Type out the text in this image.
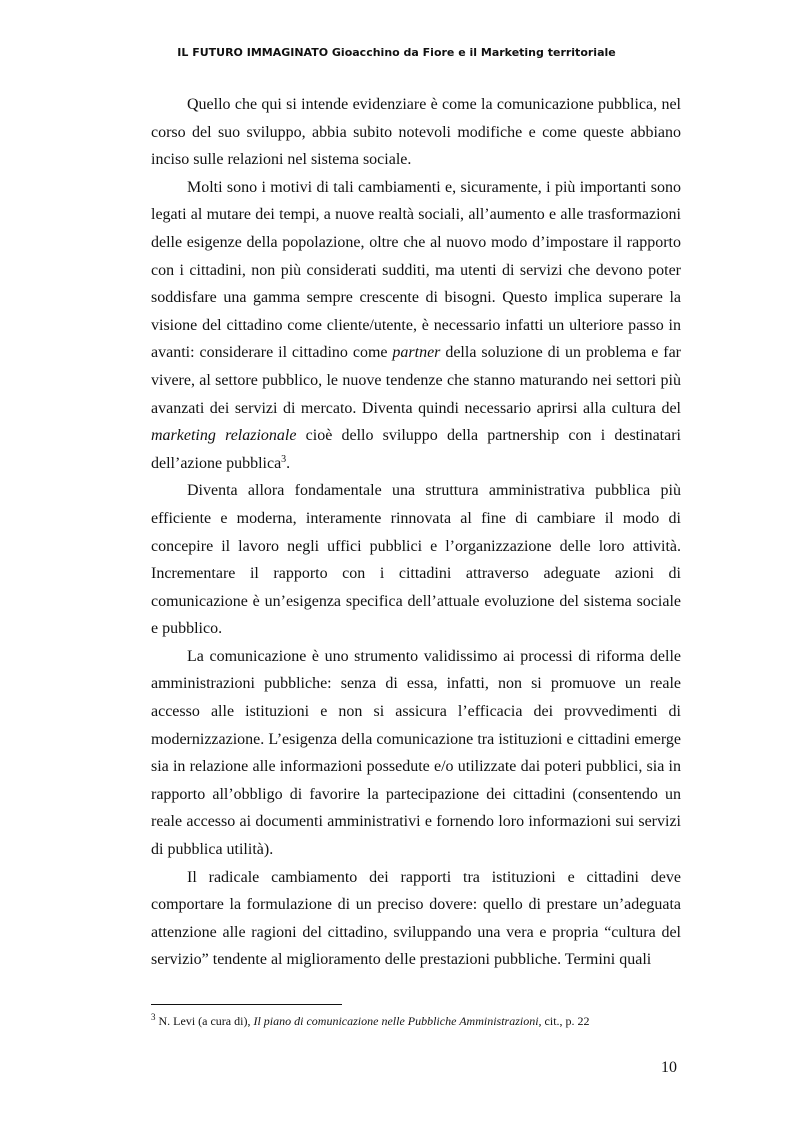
IL FUTURO IMMAGINATO Gioacchino da Fiore e il Marketing territoriale

Quello che qui si intende evidenziare è come la comunicazione pubblica, nel corso del suo sviluppo, abbia subito notevoli modifiche e come queste abbiano inciso sulle relazioni nel sistema sociale.

Molti sono i motivi di tali cambiamenti e, sicuramente, i più importanti sono legati al mutare dei tempi, a nuove realtà sociali, all’aumento e alle trasformazioni delle esigenze della popolazione, oltre che al nuovo modo d’impostare il rapporto con i cittadini, non più considerati sudditi, ma utenti di servizi che devono poter soddisfare una gamma sempre crescente di bisogni. Questo implica superare la visione del cittadino come cliente/utente, è necessario infatti un ulteriore passo in avanti: considerare il cittadino come partner della soluzione di un problema e far vivere, al settore pubblico, le nuove tendenze che stanno maturando nei settori più avanzati dei servizi di mercato. Diventa quindi necessario aprirsi alla cultura del marketing relazionale cioè dello sviluppo della partnership con i destinatari dell’azione pubblica$^3$.

Diventa allora fondamentale una struttura amministrativa pubblica più efficiente e moderna, interamente rinnovata al fine di cambiare il modo di concepire il lavoro negli uffici pubblici e l’organizzazione delle loro attività. Incrementare il rapporto con i cittadini attraverso adeguate azioni di comunicazione è un’esigenza specifica dell’attuale evoluzione del sistema sociale e pubblico.

La comunicazione è uno strumento validissimo ai processi di riforma delle amministrazioni pubbliche: senza di essa, infatti, non si promuove un reale accesso alle istituzioni e non si assicura l’efficacia dei provvedimenti di modernizzazione. L’esigenza della comunicazione tra istituzioni e cittadini emerge sia in relazione alle informazioni possedute e/o utilizzate dai poteri pubblici, sia in rapporto all’obbligo di favorire la partecipazione dei cittadini (consentendo un reale accesso ai documenti amministrativi e fornendo loro informazioni sui servizi di pubblica utilità).

Il radicale cambiamento dei rapporti tra istituzioni e cittadini deve comportare la formulazione di un preciso dovere: quello di prestare un’adeguata attenzione alle ragioni del cittadino, sviluppando una vera e propria “cultura del servizio” tendente al miglioramento delle prestazioni pubbliche. Termini quali

$^3$ N. Levi (a cura di), Il piano di comunicazione nelle Pubbliche Amministrazioni, cit., p. 22
10
